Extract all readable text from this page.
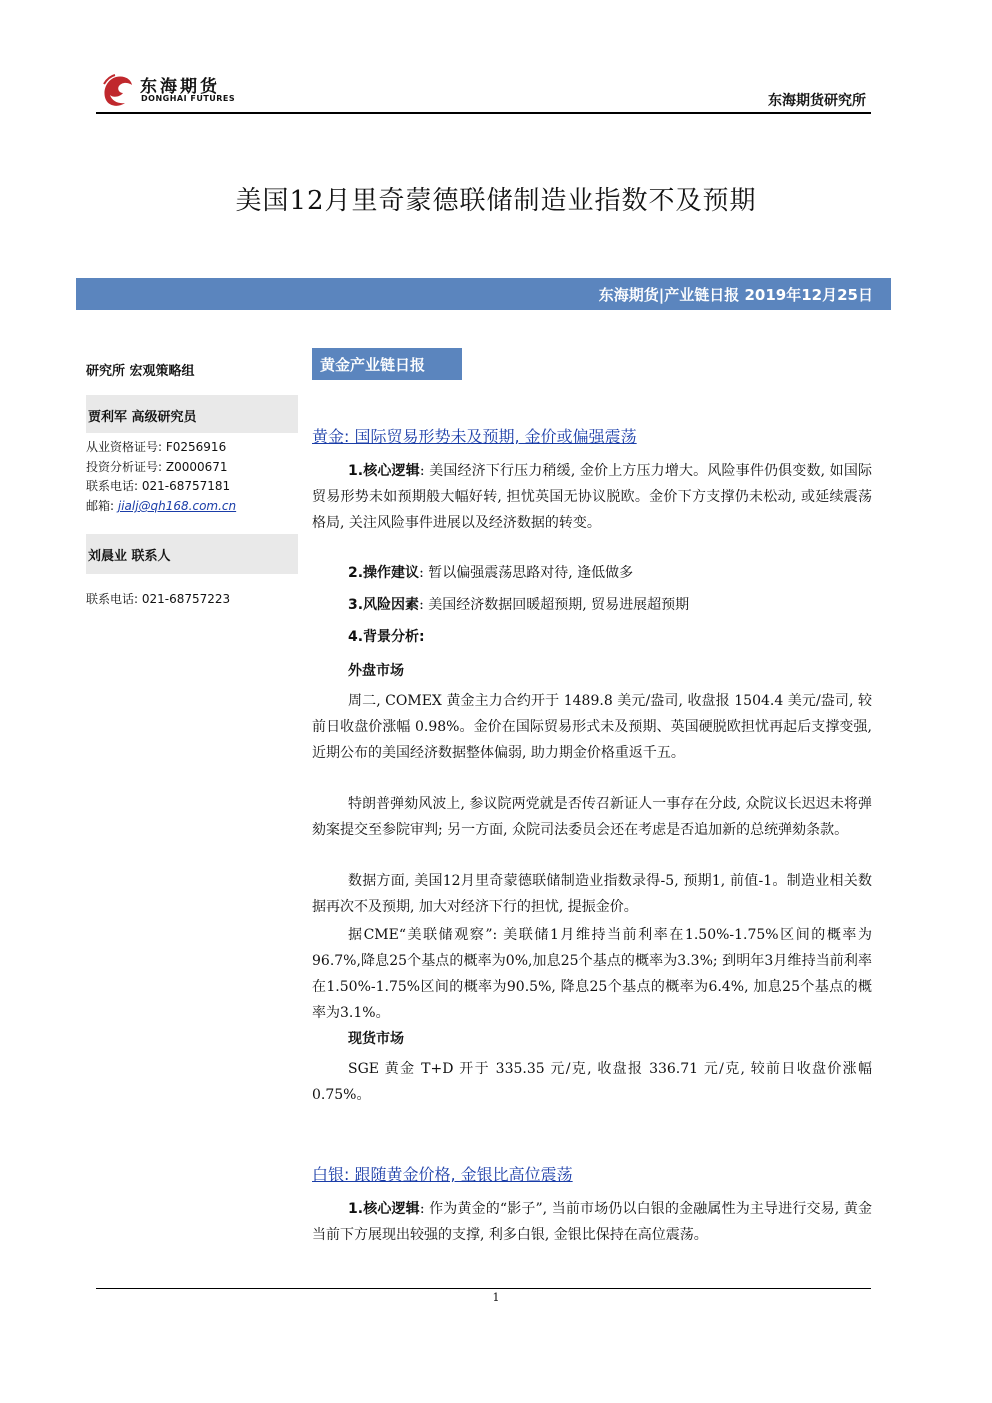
东海期货
DONGHAI FUTURES	东海期货研究所
美国12月里奇蒙德联储制造业指数不及预期
东海期货|产业链日报 2019年12月25日
研究所 宏观策略组
贾利军 高级研究员
从业资格证号: F0256916
投资分析证号: Z0000671
联系电话: 021-68757181
邮箱: jialj@qh168.com.cn
刘晨业 联系人
联系电话: 021-68757223
黄金产业链日报
黄金: 国际贸易形势未及预期, 金价或偏强震荡
1.核心逻辑: 美国经济下行压力稍缓, 金价上方压力增大。风险事件仍俱变数, 如国际贸易形势未如预期般大幅好转, 担忧英国无协议脱欧。金价下方支撑仍未松动, 或延续震荡格局, 关注风险事件进展以及经济数据的转变。
2.操作建议: 暂以偏强震荡思路对待, 逢低做多
3.风险因素: 美国经济数据回暖超预期, 贸易进展超预期
4.背景分析:
外盘市场
周二, COMEX 黄金主力合约开于 1489.8 美元/盎司, 收盘报 1504.4 美元/盎司, 较前日收盘价涨幅 0.98%。金价在国际贸易形式未及预期、英国硬脱欧担忧再起后支撑变强, 近期公布的美国经济数据整体偏弱, 助力期金价格重返千五。
特朗普弹劾风波上, 参议院两党就是否传召新证人一事存在分歧, 众院议长迟迟未将弹劾案提交至参院审判; 另一方面, 众院司法委员会还在考虑是否追加新的总统弹劾条款。
数据方面, 美国12月里奇蒙德联储制造业指数录得-5, 预期1, 前值-1。制造业相关数据再次不及预期, 加大对经济下行的担忧, 提振金价。
据CME“美联储观察”: 美联储1月维持当前利率在1.50%-1.75%区间的概率为96.7%,降息25个基点的概率为0%,加息25个基点的概率为3.3%; 到明年3月维持当前利率在1.50%-1.75%区间的概率为90.5%, 降息25个基点的概率为6.4%, 加息25个基点的概率为3.1%。
现货市场
SGE 黄金 T+D 开于 335.35 元/克, 收盘报 336.71 元/克, 较前日收盘价涨幅 0.75%。
白银: 跟随黄金价格, 金银比高位震荡
1.核心逻辑: 作为黄金的“影子”, 当前市场仍以白银的金融属性为主导进行交易, 黄金当前下方展现出较强的支撑, 利多白银, 金银比保持在高位震荡。
1
